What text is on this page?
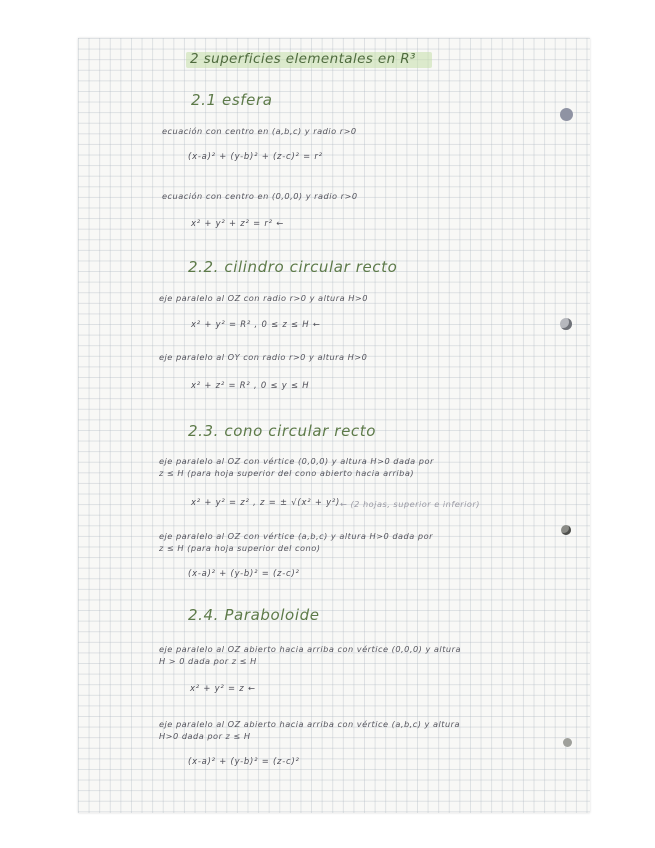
2 superficies elementales en R³
2.1 esfera
ecuación con centro en (a,b,c) y radio r>0
(x-a)² + (y-b)² + (z-c)² = r²
ecuación con centro en (0,0,0) y radio r>0
x² + y² + z² = r² ←
2.2. cilindro circular recto
eje paralelo al OZ con radio r>0 y altura H>0
x² + y² = R² , 0 ≤ z ≤ H ←
eje paralelo al OY con radio r>0 y altura H>0
x² + z² = R² , 0 ≤ y ≤ H
2.3. cono circular recto
eje paralelo al OZ con vértice (0,0,0) y altura H>0 dada por
z ≤ H (para hoja superior del cono abierto hacia arriba)
x² + y² = z² , z = ± √(x² + y²) ← (2 hojas, superior e inferior)
eje paralelo al OZ con vértice (a,b,c) y altura H>0 dada por
z ≤ H (para hoja superior del cono)
(x-a)² + (y-b)² = (z-c)²
2.4. Paraboloide
eje paralelo al OZ abierto hacia arriba con vértice (0,0,0) y altura
H > 0 dada por z ≤ H
x² + y² = z ←
eje paralelo al OZ abierto hacia arriba con vértice (a,b,c) y altura
H>0 dada por z ≤ H
(x-a)² + (y-b)² = (z-c)²
